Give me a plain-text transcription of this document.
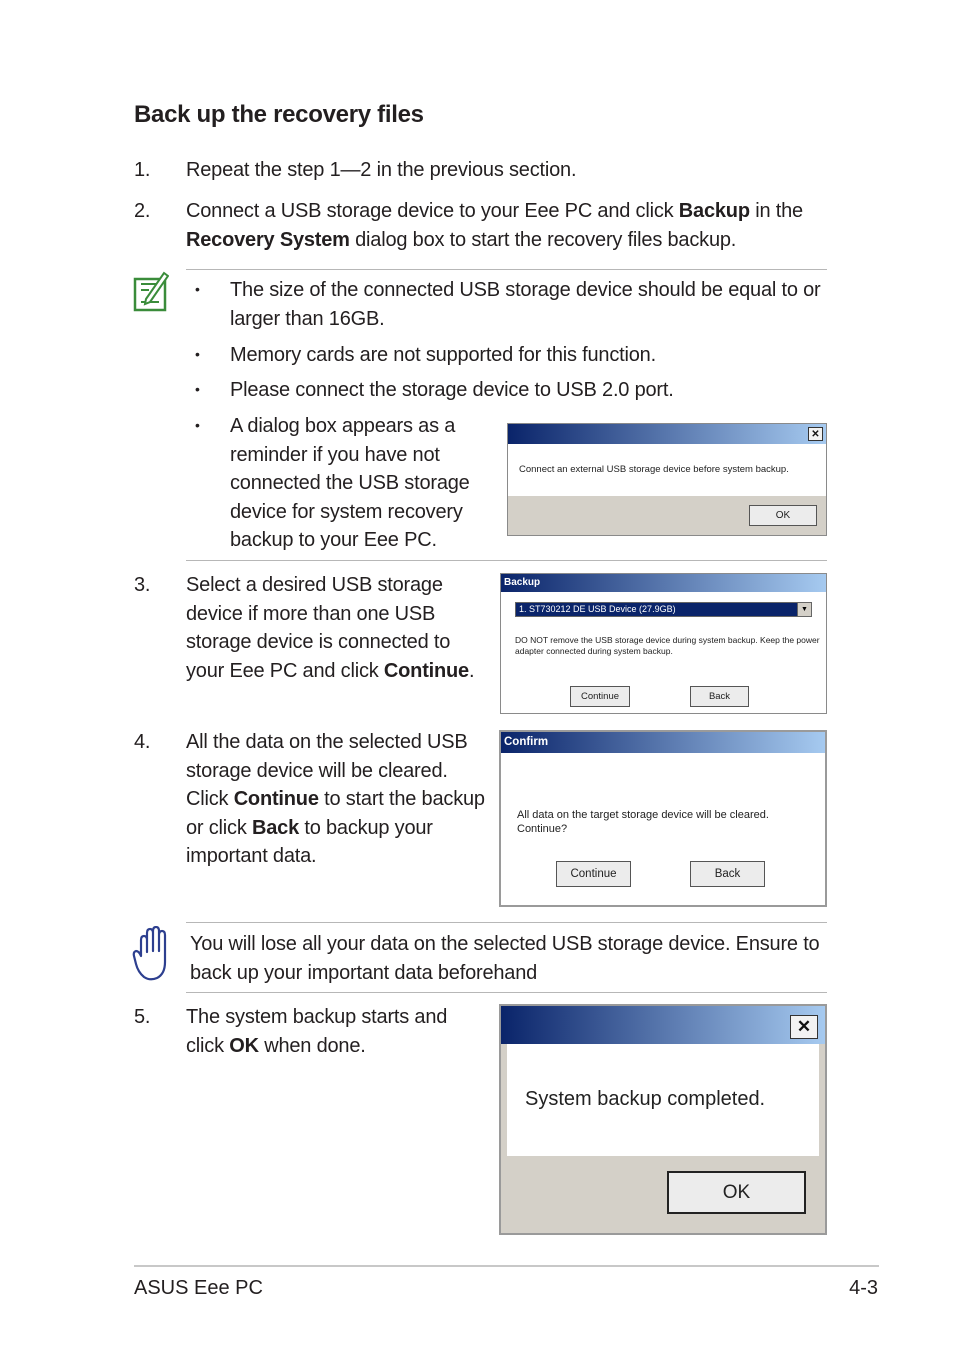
Back up the recovery files
1. Repeat the step 1—2 in the previous section.
2. Connect a USB storage device to your Eee PC and click Backup in the Recovery System dialog box to start the recovery files backup.
• The size of the connected USB storage device should be equal to or larger than 16GB.
• Memory cards are not supported for this function.
• Please connect the storage device to USB 2.0 port.
• A dialog box appears as a reminder if you have not connected the USB storage device for system recovery backup to your Eee PC.
✕
Connect an external USB storage device before system backup.
OK
3. Select a desired USB storage device if more than one USB storage device is connected to your Eee PC and click Continue.
Backup
1. ST730212 DE USB Device (27.9GB)	▼
DO NOT remove the USB storage device during system backup. Keep the power adapter connected during system backup.
Continue	Back
4. All the data on the selected USB storage device will be cleared. Click Continue to start the backup or click Back to backup your important data.
Confirm
All data on the target storage device will be cleared. Continue?
Continue	Back
You will lose all your data on the selected USB storage device. Ensure to back up your important data beforehand
5. The system backup starts and click OK when done.
✕
System backup completed.
OK
ASUS Eee PC	4-3
